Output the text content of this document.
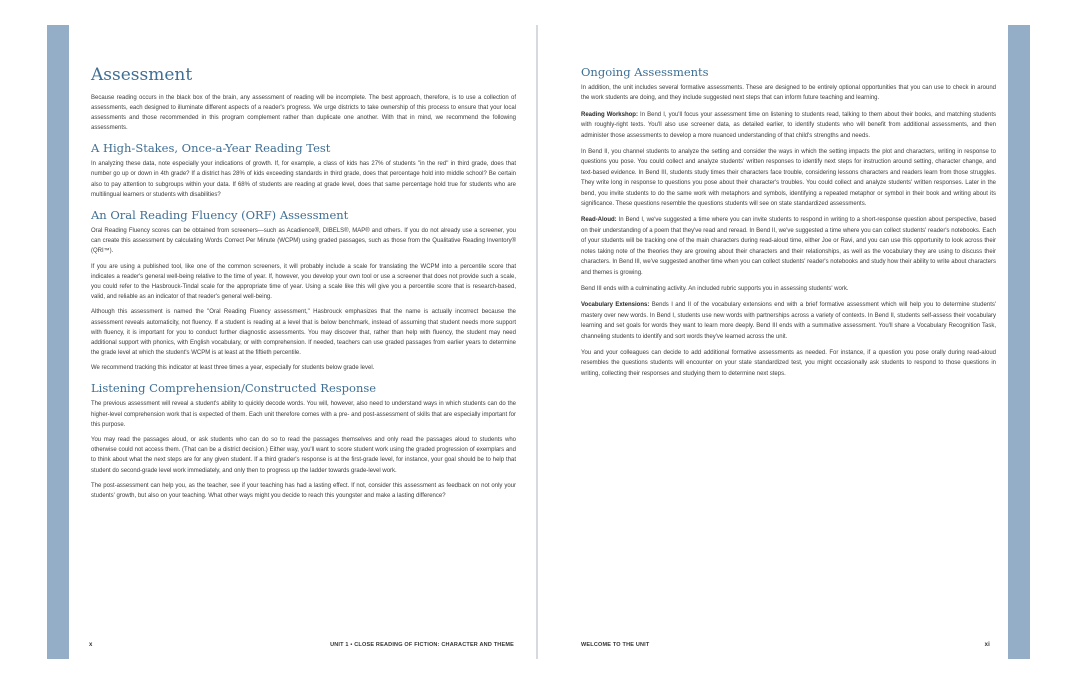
Assessment

Because reading occurs in the black box of the brain, any assessment of reading will be incomplete. The best approach, therefore, is to use a collection of assessments, each designed to illuminate different aspects of a reader's progress. We urge districts to take ownership of this process to ensure that your local assessments and those recommended in this program complement rather than duplicate one another. With that in mind, we recommend the following assessments.

A High-Stakes, Once-a-Year Reading Test

In analyzing these data, note especially your indications of growth. If, for example, a class of kids has 27% of students "in the red" in third grade, does that number go up or down in 4th grade? If a district has 28% of kids exceeding standards in third grade, does that percentage hold into middle school? Be certain also to pay attention to subgroups within your data. If 68% of students are reading at grade level, does that same percentage hold true for students who are multilingual learners or students with disabilities?

An Oral Reading Fluency (ORF) Assessment

Oral Reading Fluency scores can be obtained from screeners—such as Acadience®, DIBELS®, MAP® and others. If you do not already use a screener, you can create this assessment by calculating Words Correct Per Minute (WCPM) using graded passages, such as those from the Qualitative Reading Inventory® (QRI™).

If you are using a published tool, like one of the common screeners, it will probably include a scale for translating the WCPM into a percentile score that indicates a reader's general well-being relative to the time of year. If, however, you develop your own tool or use a screener that does not provide such a scale, you could refer to the Hasbrouck-Tindal scale for the appropriate time of year. Using a scale like this will give you a percentile score that is research-based, valid, and reliable as an indicator of that reader's general well-being.

Although this assessment is named the "Oral Reading Fluency assessment," Hasbrouck emphasizes that the name is actually incorrect because the assessment reveals automaticity, not fluency. If a student is reading at a level that is below benchmark, instead of assuming that student needs more support with fluency, it is important for you to conduct further diagnostic assessments. You may discover that, rather than help with fluency, the student may need additional support with phonics, with English vocabulary, or with comprehension. If needed, teachers can use graded passages from earlier years to determine the grade level at which the student's WCPM is at least at the fiftieth percentile.

We recommend tracking this indicator at least three times a year, especially for students below grade level.

Listening Comprehension/Constructed Response

The previous assessment will reveal a student's ability to quickly decode words. You will, however, also need to understand ways in which students can do the higher-level comprehension work that is expected of them. Each unit therefore comes with a pre- and post-assessment of skills that are especially important for this purpose.

You may read the passages aloud, or ask students who can do so to read the passages themselves and only read the passages aloud to students who otherwise could not access them. (That can be a district decision.) Either way, you'll want to score student work using the graded progression of exemplars and to think about what the next steps are for any given student. If a third grader's response is at the first-grade level, for instance, your goal should be to help that student do second-grade level work immediately, and only then to progress up the ladder towards grade-level work.

The post-assessment can help you, as the teacher, see if your teaching has had a lasting effect. If not, consider this assessment as feedback on not only your students' growth, but also on your teaching. What other ways might you decide to reach this youngster and make a lasting difference?

x	UNIT 1 • CLOSE READING OF FICTION: CHARACTER AND THEME
Ongoing Assessments

In addition, the unit includes several formative assessments. These are designed to be entirely optional opportunities that you can use to check in around the work students are doing, and they include suggested next steps that can inform future teaching and learning.

Reading Workshop: In Bend I, you'll focus your assessment time on listening to students read, talking to them about their books, and matching students with roughly-right texts. You'll also use screener data, as detailed earlier, to identify students who will benefit from additional assessments, and then administer those assessments to develop a more nuanced understanding of that child's strengths and needs.

In Bend II, you channel students to analyze the setting and consider the ways in which the setting impacts the plot and characters, writing in response to questions you pose. You could collect and analyze students' written responses to identify next steps for instruction around setting, character change, and text-based evidence. In Bend III, students study times their characters face trouble, considering lessons characters and readers learn from those struggles. They write long in response to questions you pose about their character's troubles. You could collect and analyze students' written responses. Later in the bend, you invite students to do the same work with metaphors and symbols, identifying a repeated metaphor or symbol in their book and writing about its significance. These questions resemble the questions students will see on state standardized assessments.

Read-Aloud: In Bend I, we've suggested a time where you can invite students to respond in writing to a short-response question about perspective, based on their understanding of a poem that they've read and reread. In Bend II, we've suggested a time where you can collect students' reader's notebooks. Each of your students will be tracking one of the main characters during read-aloud time, either Joe or Ravi, and you can use this opportunity to look across their notes taking note of the theories they are growing about their characters and their relationships, as well as the vocabulary they are using to discuss their characters. In Bend III, we've suggested another time when you can collect students' reader's notebooks and study how their ability to write about characters and themes is growing.

Bend III ends with a culminating activity. An included rubric supports you in assessing students' work.

Vocabulary Extensions: Bends I and II of the vocabulary extensions end with a brief formative assessment which will help you to determine students' mastery over new words. In Bend I, students use new words with partnerships across a variety of contexts. In Bend II, students self-assess their vocabulary learning and set goals for words they want to learn more deeply. Bend III ends with a summative assessment. You'll share a Vocabulary Recognition Task, channeling students to identify and sort words they've learned across the unit.

You and your colleagues can decide to add additional formative assessments as needed. For instance, if a question you pose orally during read-aloud resembles the questions students will encounter on your state standardized test, you might occasionally ask students to respond to those questions in writing, collecting their responses and studying them to determine next steps.

WELCOME TO THE UNIT	xi
